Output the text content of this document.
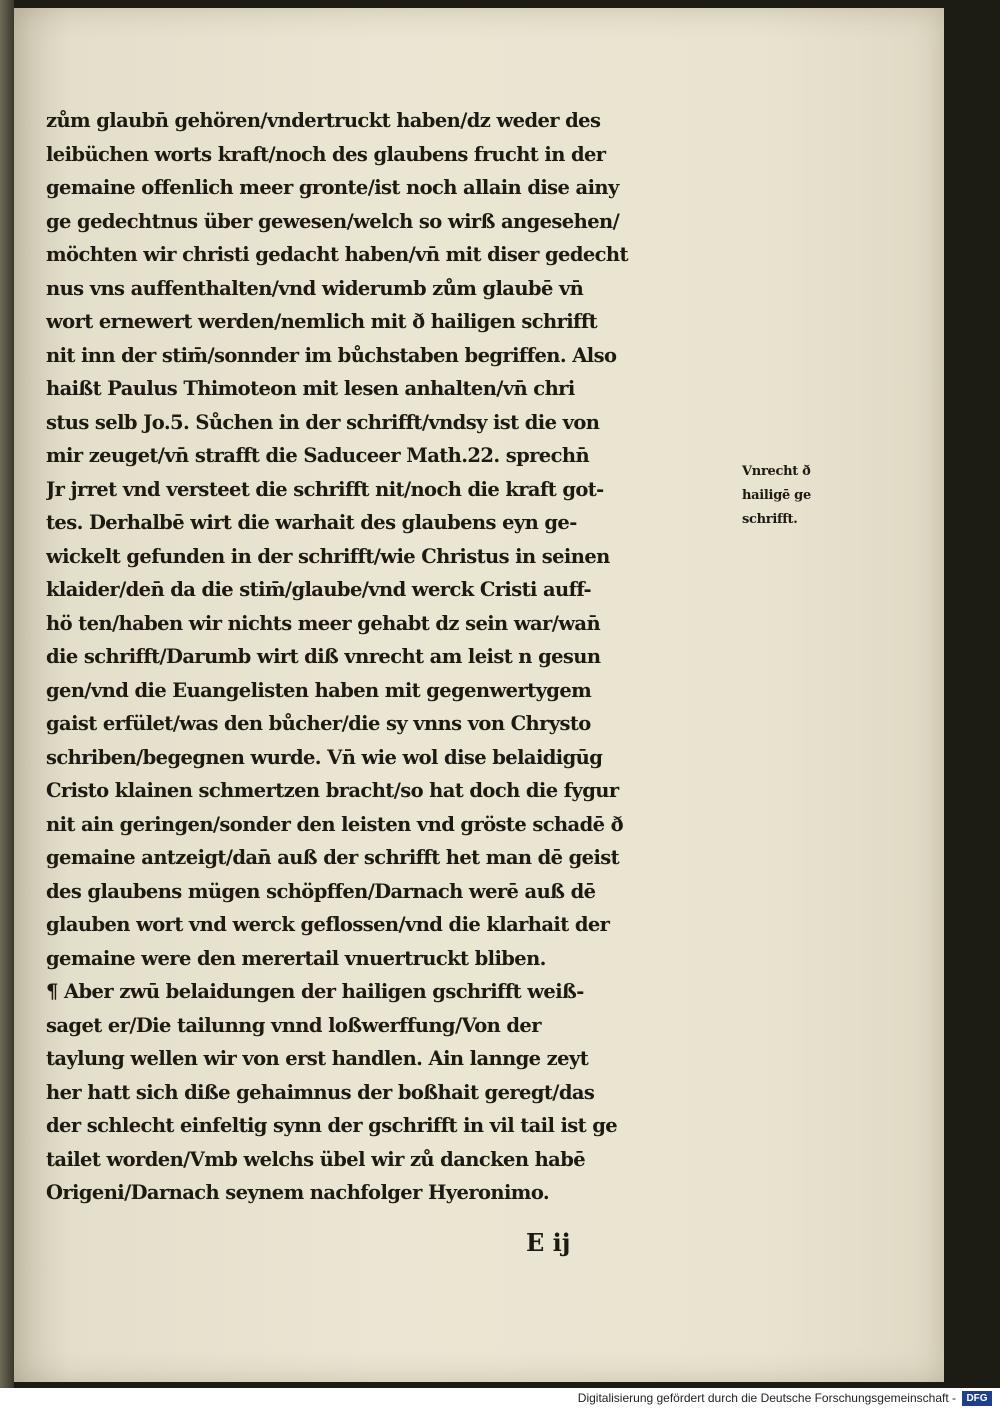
zům glaubn̄ gehören/vndertruckt haben/dz weder des
leibüchen worts kraft/noch des glaubens frucht in der
gemaine offenlich meer gronte/ist noch allain dise ainy
ge gedechtnus über gewesen/welch so wirß angesehen/
möchten wir christi gedacht haben/vn̄ mit diser gedecht
nus vns auffenthalten/vnd widerumb zům glaubē vn̄
wort ernewert werden/nemlich mit ð hailigen schrifft
nit inn der stim̄/sonnder im bůchstaben begriffen. Also
haißt Paulus Thimoteon mit lesen anhalten/vn̄ chri
stus selb Jo.5. Sůchen in der schrifft/vndsy ist die von
mir zeuget/vn̄ strafft die Saduceer Math.22. sprechn̄
Jr jrret vnd versteet die schrifft nit/noch die kraft got-
tes. Derhalbē wirt die warhait des glaubens eyn ge-
wickelt gefunden in der schrifft/wie Christus in seinen
klaider/den̄ da die stim̄/glaube/vnd werck Cristi auff-
hö ten/haben wir nichts meer gehabt dz sein war/wan̄
die schrifft/Darumb wirt diß vnrecht am leist n gesun
gen/vnd die Euangelisten haben mit gegenwertygem
gaist erfület/was den bůcher/die sy vnns von Chrysto
schriben/begegnen wurde. Vn̄ wie wol dise belaidigūg
Cristo klainen schmertzen bracht/so hat doch die fygur
nit ain geringen/sonder den leisten vnd gröste schadē ð
gemaine antzeigt/dan̄ auß der schrifft het man dē geist
des glaubens mügen schöpffen/Darnach werē auß dē
glauben wort vnd werck geflossen/vnd die klarhait der
gemaine were den merertail vnuertruckt bliben.
¶ Aber zwū belaidungen der hailigen gschrifft weiß-
saget er/Die tailunng vnnd loßwerffung/Von der
taylung wellen wir von erst handlen. Ain lannge zeyt
her hatt sich diße gehaimnus der boßhait geregt/das
der schlecht einfeltig synn der gschrifft in vil tail ist ge
tailet worden/Vmb welchs übel wir zů dancken habē
Origeni/Darnach seynem nachfolger Hyeronimo.
Vnrecht ð
hailigē ge
schrifft.
E ij
Digitalisierung gefördert durch die Deutsche Forschungsgemeinschaft -	DFG
